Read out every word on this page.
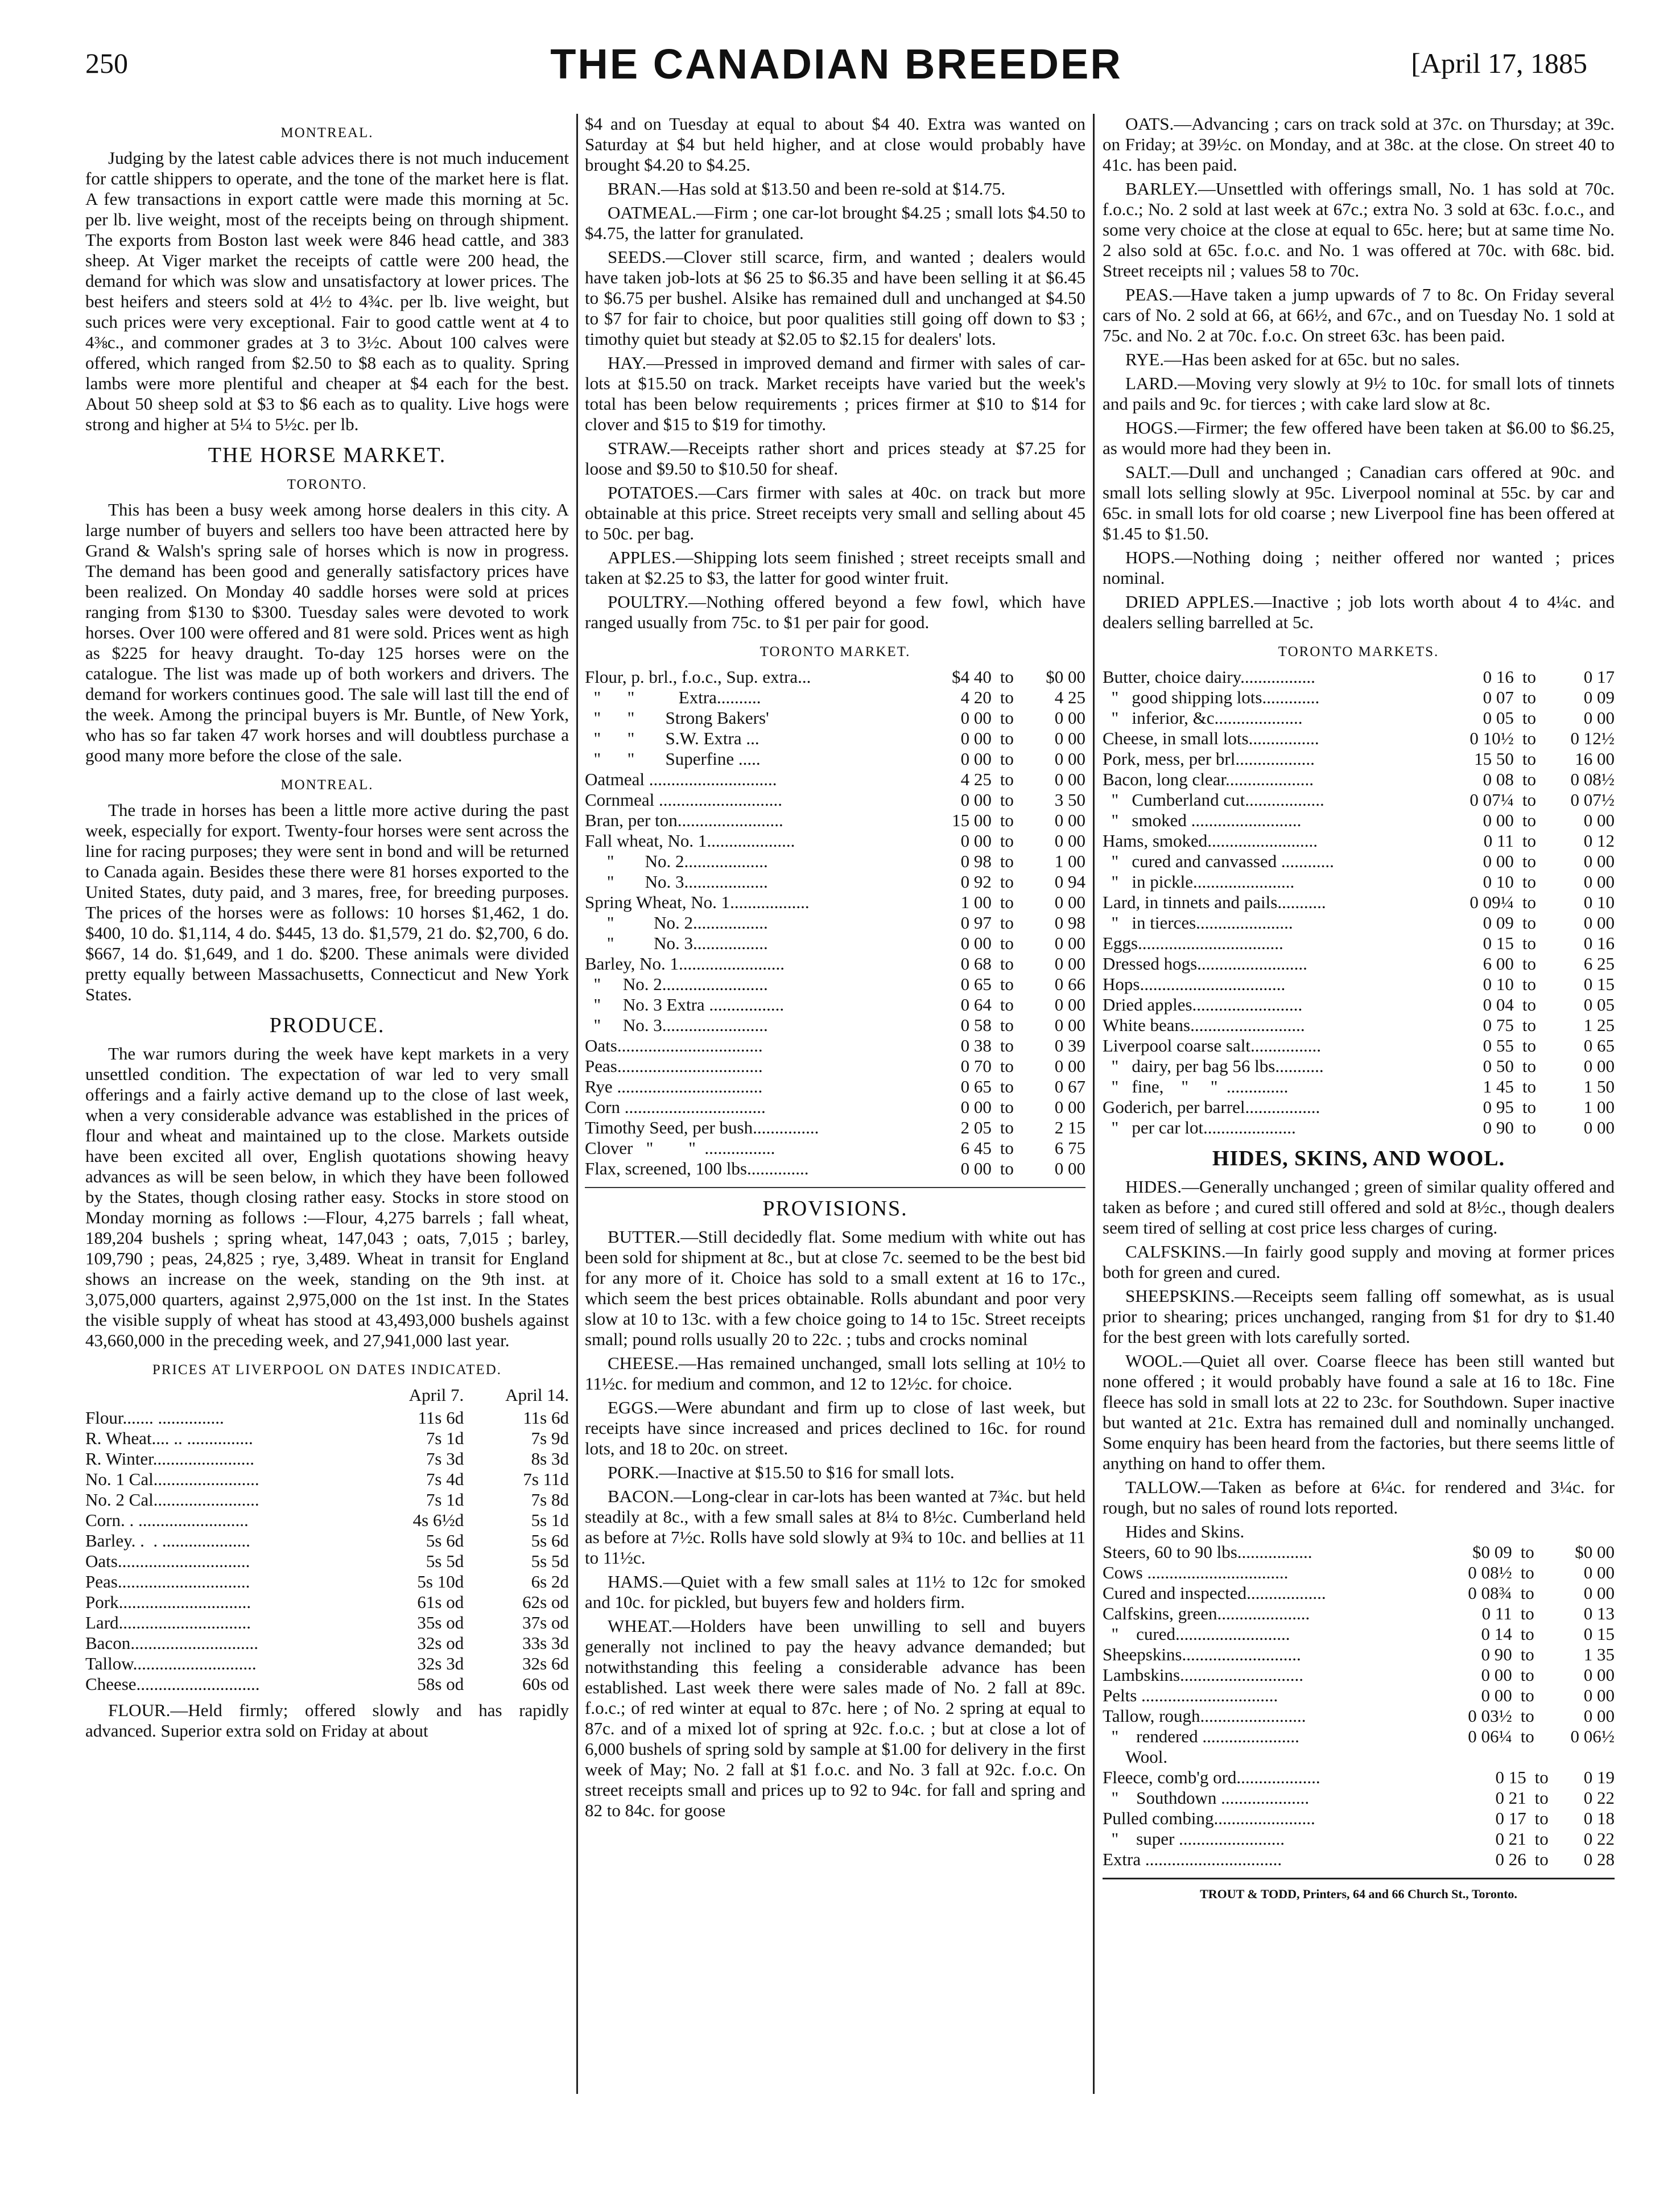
250	THE CANADIAN BREEDER	[April 17, 1885
MONTREAL.

Judging by the latest cable advices there is not much inducement for cattle shippers to operate, and the tone of the market here is flat. A few transactions in export cattle were made this morning at 5c. per lb. live weight, most of the receipts being on through shipment. The exports from Boston last week were 846 head cattle, and 383 sheep. At Viger market the receipts of cattle were 200 head, the demand for which was slow and unsatisfactory at lower prices. The best heifers and steers sold at 4½ to 4¾c. per lb. live weight, but such prices were very exceptional. Fair to good cattle went at 4 to 4⅜c., and commoner grades at 3 to 3½c. About 100 calves were offered, which ranged from $2.50 to $8 each as to quality. Spring lambs were more plentiful and cheaper at $4 each for the best. About 50 sheep sold at $3 to $6 each as to quality. Live hogs were strong and higher at 5¼ to 5½c. per lb.

THE HORSE MARKET.
TORONTO.

This has been a busy week among horse dealers in this city. A large number of buyers and sellers too have been attracted here by Grand & Walsh's spring sale of horses which is now in progress. The demand has been good and generally satisfactory prices have been realized. On Monday 40 saddle horses were sold at prices ranging from $130 to $300. Tuesday sales were devoted to work horses. Over 100 were offered and 81 were sold. Prices went as high as $225 for heavy draught. To-day 125 horses were on the catalogue. The list was made up of both workers and drivers. The demand for workers continues good. The sale will last till the end of the week. Among the principal buyers is Mr. Buntle, of New York, who has so far taken 47 work horses and will doubtless purchase a good many more before the close of the sale.

MONTREAL.

The trade in horses has been a little more active during the past week, especially for export. Twenty-four horses were sent across the line for racing purposes; they were sent in bond and will be returned to Canada again. Besides these there were 81 horses exported to the United States, duty paid, and 3 mares, free, for breeding purposes. The prices of the horses were as follows: 10 horses $1,462, 1 do. $400, 10 do. $1,114, 4 do. $445, 13 do. $1,579, 21 do. $2,700, 6 do. $667, 14 do. $1,649, and 1 do. $200. These animals were divided pretty equally between Massachusetts, Connecticut and New York States.

PRODUCE.

The war rumors during the week have kept markets in a very unsettled condition. The expectation of war led to very small offerings and a fairly active demand up to the close of last week, when a very considerable advance was established in the prices of flour and wheat and maintained up to the close. Markets outside have been excited all over, English quotations showing heavy advances as will be seen below, in which they have been followed by the States, though closing rather easy. Stocks in store stood on Monday morning as follows :—Flour, 4,275 barrels ; fall wheat, 189,204 bushels ; spring wheat, 147,043 ; oats, 7,015 ; barley, 109,790 ; peas, 24,825 ; rye, 3,489. Wheat in transit for England shows an increase on the week, standing on the 9th inst. at 3,075,000 quarters, against 2,975,000 on the 1st inst. In the States the visible supply of wheat has stood at 43,493,000 bushels against 43,660,000 in the preceding week, and 27,941,000 last year.

PRICES AT LIVERPOOL ON DATES INDICATED.
	April 7.	April 14.
Flour....... ...............	11s 6d	11s 6d
R. Wheat.... .. ...............	7s 1d	7s 9d
R. Winter.......................	7s 3d	8s 3d
No. 1 Cal........................	7s 4d	7s 11d
No. 2 Cal........................	7s 1d	7s 8d
Corn. . .........................	4s 6½d	5s 1d
Barley. .  . ....................	5s 6d	5s 6d
Oats..............................	5s 5d	5s 5d
Peas..............................	5s 10d	6s 2d
Pork..............................	61s od	62s od
Lard..............................	35s od	37s od
Bacon.............................	32s od	33s 3d
Tallow............................	32s 3d	32s 6d
Cheese............................	58s od	60s od

FLOUR.—Held firmly; offered slowly and has rapidly advanced. Superior extra sold on Friday at about

$4 and on Tuesday at equal to about $4 40. Extra was wanted on Saturday at $4 but held higher, and at close would probably have brought $4.20 to $4.25.

BRAN.—Has sold at $13.50 and been re-sold at $14.75.

OATMEAL.—Firm ; one car-lot brought $4.25 ; small lots $4.50 to $4.75, the latter for granulated.

SEEDS.—Clover still scarce, firm, and wanted ; dealers would have taken job-lots at $6 25 to $6.35 and have been selling it at $6.45 to $6.75 per bushel. Alsike has remained dull and unchanged at $4.50 to $7 for fair to choice, but poor qualities still going off down to $3 ; timothy quiet but steady at $2.05 to $2.15 for dealers' lots.

HAY.—Pressed in improved demand and firmer with sales of car-lots at $15.50 on track. Market receipts have varied but the week's total has been below requirements ; prices firmer at $10 to $14 for clover and $15 to $19 for timothy.

STRAW.—Receipts rather short and prices steady at $7.25 for loose and $9.50 to $10.50 for sheaf.

POTATOES.—Cars firmer with sales at 40c. on track but more obtainable at this price. Street receipts very small and selling about 45 to 50c. per bag.

APPLES.—Shipping lots seem finished ; street receipts small and taken at $2.25 to $3, the latter for good winter fruit.

POULTRY.—Nothing offered beyond a few fowl, which have ranged usually from 75c. to $1 per pair for good.

TORONTO MARKET.
Flour, p. brl., f.o.c., Sup. extra...	$4 40	to	$0 00
"      "          Extra..........	4 20	to	4 25
"      "       Strong Bakers'	0 00	to	0 00
"      "       S.W. Extra ...	0 00	to	0 00
"      "       Superfine .....	0 00	to	0 00
Oatmeal .............................	4 25	to	0 00
Cornmeal ............................	0 00	to	3 50
Bran, per ton........................	15 00	to	0 00
Fall wheat, No. 1....................	0 00	to	0 00
"       No. 2...................	0 98	to	1 00
"       No. 3...................	0 92	to	0 94
Spring Wheat, No. 1..................	1 00	to	0 00
"         No. 2.................	0 97	to	0 98
"         No. 3.................	0 00	to	0 00
Barley, No. 1........................	0 68	to	0 00
"     No. 2........................	0 65	to	0 66
"     No. 3 Extra .................	0 64	to	0 00
"     No. 3........................	0 58	to	0 00
Oats.................................	0 38	to	0 39
Peas.................................	0 70	to	0 00
Rye .................................	0 65	to	0 67
Corn ................................	0 00	to	0 00
Timothy Seed, per bush...............	2 05	to	2 15
Clover   "        "  ................	6 45	to	6 75
Flax, screened, 100 lbs..............	0 00	to	0 00
PROVISIONS.

BUTTER.—Still decidedly flat. Some medium with white out has been sold for shipment at 8c., but at close 7c. seemed to be the best bid for any more of it. Choice has sold to a small extent at 16 to 17c., which seem the best prices obtainable. Rolls abundant and poor very slow at 10 to 13c. with a few choice going to 14 to 15c. Street receipts small; pound rolls usually 20 to 22c. ; tubs and crocks nominal

CHEESE.—Has remained unchanged, small lots selling at 10½ to 11½c. for medium and common, and 12 to 12½c. for choice.

EGGS.—Were abundant and firm up to close of last week, but receipts have since increased and prices declined to 16c. for round lots, and 18 to 20c. on street.

PORK.—Inactive at $15.50 to $16 for small lots.

BACON.—Long-clear in car-lots has been wanted at 7¾c. but held steadily at 8c., with a few small sales at 8¼ to 8½c. Cumberland held as before at 7½c. Rolls have sold slowly at 9¾ to 10c. and bellies at 11 to 11½c.

HAMS.—Quiet with a few small sales at 11½ to 12c for smoked and 10c. for pickled, but buyers few and holders firm.

WHEAT.—Holders have been unwilling to sell and buyers generally not inclined to pay the heavy advance demanded; but notwithstanding this feeling a considerable advance has been established. Last week there were sales made of No. 2 fall at 89c. f.o.c.; of red winter at equal to 87c. here ; of No. 2 spring at equal to 87c. and of a mixed lot of spring at 92c. f.o.c. ; but at close a lot of 6,000 bushels of spring sold by sample at $1.00 for delivery in the first week of May; No. 2 fall at $1 f.o.c. and No. 3 fall at 92c. f.o.c. On street receipts small and prices up to 92 to 94c. for fall and spring and 82 to 84c. for goose

OATS.—Advancing ; cars on track sold at 37c. on Thursday; at 39c. on Friday; at 39½c. on Monday, and at 38c. at the close. On street 40 to 41c. has been paid.

BARLEY.—Unsettled with offerings small, No. 1 has sold at 70c. f.o.c.; No. 2 sold at last week at 67c.; extra No. 3 sold at 63c. f.o.c., and some very choice at the close at equal to 65c. here; but at same time No. 2 also sold at 65c. f.o.c. and No. 1 was offered at 70c. with 68c. bid. Street receipts nil ; values 58 to 70c.

PEAS.—Have taken a jump upwards of 7 to 8c. On Friday several cars of No. 2 sold at 66, at 66½, and 67c., and on Tuesday No. 1 sold at 75c. and No. 2 at 70c. f.o.c. On street 63c. has been paid.

RYE.—Has been asked for at 65c. but no sales.

LARD.—Moving very slowly at 9½ to 10c. for small lots of tinnets and pails and 9c. for tierces ; with cake lard slow at 8c.

HOGS.—Firmer; the few offered have been taken at $6.00 to $6.25, as would more had they been in.

SALT.—Dull and unchanged ; Canadian cars offered at 90c. and small lots selling slowly at 95c. Liverpool nominal at 55c. by car and 65c. in small lots for old coarse ; new Liverpool fine has been offered at $1.45 to $1.50.

HOPS.—Nothing doing ; neither offered nor wanted ; prices nominal.

DRIED APPLES.—Inactive ; job lots worth about 4 to 4¼c. and dealers selling barrelled at 5c.

TORONTO MARKETS.
Butter, choice dairy.................	0 16	to	0 17
"   good shipping lots.............	0 07	to	0 09
"   inferior, &c....................	0 05	to	0 00
Cheese, in small lots................	0 10½	to	0 12½
Pork, mess, per brl..................	15 50	to	16 00
Bacon, long clear....................	0 08	to	0 08½
"   Cumberland cut..................	0 07¼	to	0 07½
"   smoked .........................	0 00	to	0 00
Hams, smoked.........................	0 11	to	0 12
"   cured and canvassed ............	0 00	to	0 00
"   in pickle.......................	0 10	to	0 00
Lard, in tinnets and pails...........	0 09¼	to	0 10
"   in tierces......................	0 09	to	0 00
Eggs.................................	0 15	to	0 16
Dressed hogs.........................	6 00	to	6 25
Hops.................................	0 10	to	0 15
Dried apples.........................	0 04	to	0 05
White beans..........................	0 75	to	1 25
Liverpool coarse salt................	0 55	to	0 65
"   dairy, per bag 56 lbs...........	0 50	to	0 00
"   fine,    "     "  ..............	1 45	to	1 50
Goderich, per barrel.................	0 95	to	1 00
"   per car lot.....................	0 90	to	0 00
HIDES, SKINS, AND WOOL.

HIDES.—Generally unchanged ; green of similar quality offered and taken as before ; and cured still offered and sold at 8½c., though dealers seem tired of selling at cost price less charges of curing.

CALFSKINS.—In fairly good supply and moving at former prices both for green and cured.

SHEEPSKINS.—Receipts seem falling off somewhat, as is usual prior to shearing; prices unchanged, ranging from $1 for dry to $1.40 for the best green with lots carefully sorted.

WOOL.—Quiet all over. Coarse fleece has been still wanted but none offered ; it would probably have found a sale at 16 to 18c. Fine fleece has sold in small lots at 22 to 23c. for Southdown. Super inactive but wanted at 21c. Extra has remained dull and nominally unchanged. Some enquiry has been heard from the factories, but there seems little of anything on hand to offer them.

TALLOW.—Taken as before at 6¼c. for rendered and 3¼c. for rough, but no sales of round lots reported.

Hides and Skins.
Steers, 60 to 90 lbs.................	$0 09	to	$0 00
Cows ................................	0 08½	to	0 00
Cured and inspected..................	0 08¾	to	0 00
Calfskins, green.....................	0 11	to	0 13
"    cured..........................	0 14	to	0 15
Sheepskins...........................	0 90	to	1 35
Lambskins............................	0 00	to	0 00
Pelts ...............................	0 00	to	0 00
Tallow, rough........................	0 03½	to	0 00
"    rendered ......................	0 06¼	to	0 06½
Wool.
Fleece, comb'g ord...................	0 15	to	0 19
"    Southdown ....................	0 21	to	0 22
Pulled combing.......................	0 17	to	0 18
"    super ........................	0 21	to	0 22
Extra ...............................	0 26	to	0 28
TROUT & TODD, Printers, 64 and 66 Church St., Toronto.
